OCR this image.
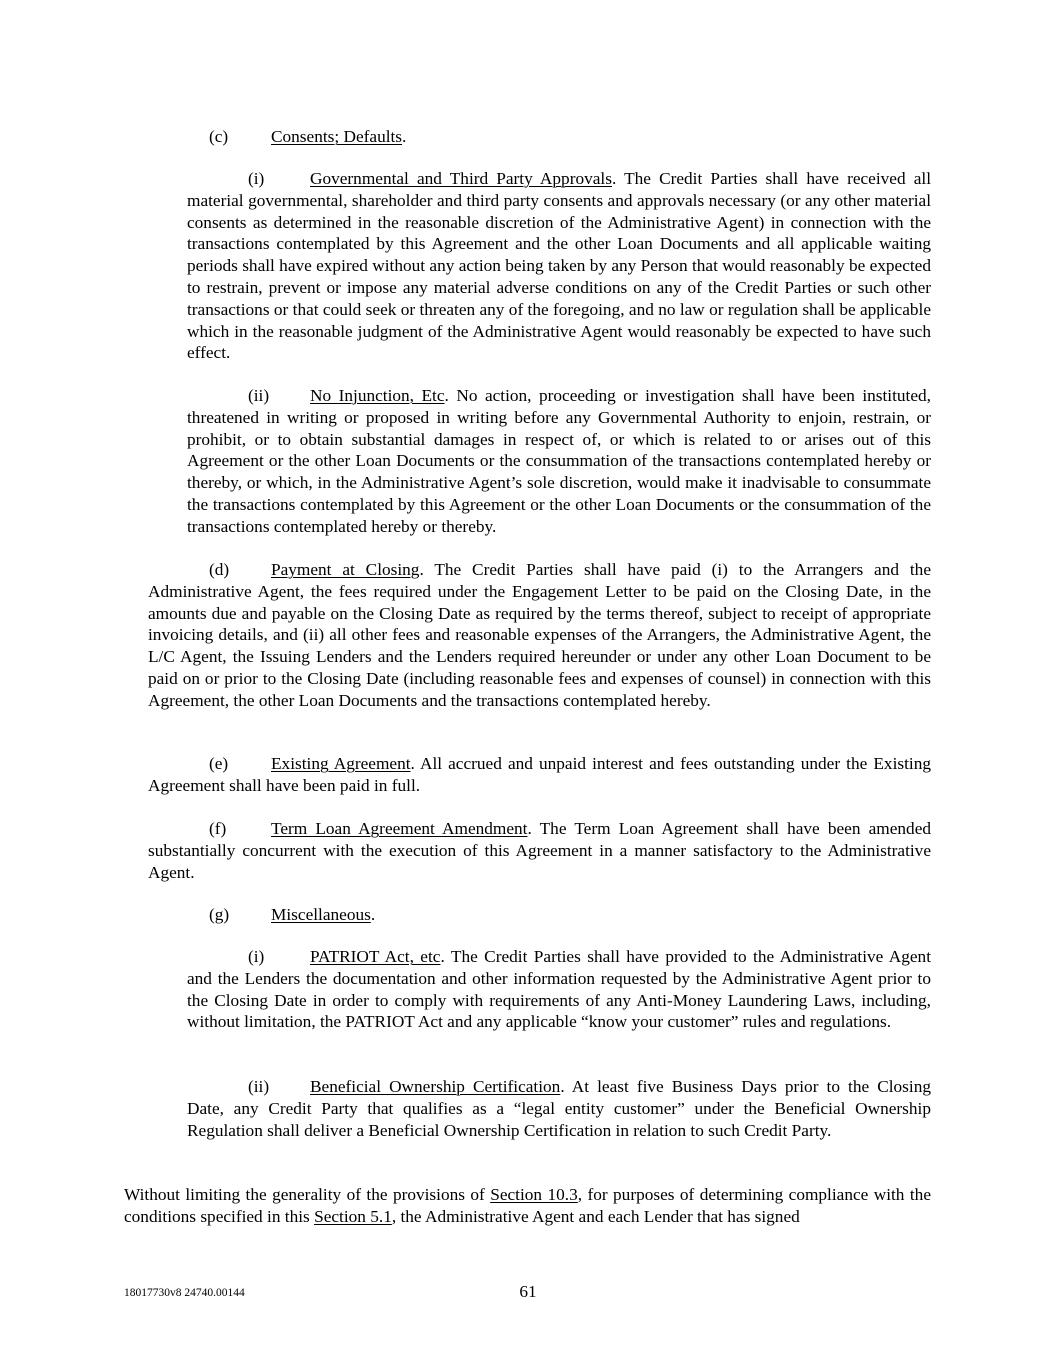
(c) Consents; Defaults.

(i)	Governmental and Third Party Approvals. The Credit Parties shall have received all material governmental, shareholder and third party consents and approvals necessary (or any other material consents as determined in the reasonable discretion of the Administrative Agent) in connection with the transactions contemplated by this Agreement and the other Loan Documents and all applicable waiting periods shall have expired without any action being taken by any Person that would reasonably be expected to restrain, prevent or impose any material adverse conditions on any of the Credit Parties or such other transactions or that could seek or threaten any of the foregoing, and no law or regulation shall be applicable which in the reasonable judgment of the Administrative Agent would reasonably be expected to have such effect.

(ii) No Injunction, Etc. No action, proceeding or investigation shall have been instituted, threatened in writing or proposed in writing before any Governmental Authority to enjoin, restrain, or prohibit, or to obtain substantial damages in respect of, or which is related to or arises out of this Agreement or the other Loan Documents or the consummation of the transactions contemplated hereby or thereby, or which, in the Administrative Agent’s sole discretion, would make it inadvisable to consummate the transactions contemplated by this Agreement or the other Loan Documents or the consummation of the transactions contemplated hereby or thereby.

(d) Payment at Closing. The Credit Parties shall have paid (i) to the Arrangers and the Administrative Agent, the fees required under the Engagement Letter to be paid on the Closing Date, in the amounts due and payable on the Closing Date as required by the terms thereof, subject to receipt of appropriate invoicing details, and (ii) all other fees and reasonable expenses of the Arrangers, the Administrative Agent, the L/C Agent, the Issuing Lenders and the Lenders required hereunder or under any other Loan Document to be paid on or prior to the Closing Date (including reasonable fees and expenses of counsel) in connection with this Agreement, the other Loan Documents and the transactions contemplated hereby.

(e) Existing Agreement. All accrued and unpaid interest and fees outstanding under the Existing Agreement shall have been paid in full.

(f)	Term Loan Agreement Amendment. The Term Loan Agreement shall have been amended substantially concurrent with the execution of this Agreement in a manner satisfactory to the Administrative Agent.

(g) Miscellaneous.

(i)	PATRIOT Act, etc. The Credit Parties shall have provided to the Administrative Agent and the Lenders the documentation and other information requested by the Administrative Agent prior to the Closing Date in order to comply with requirements of any Anti-Money Laundering Laws, including, without limitation, the PATRIOT Act and any applicable “know your customer” rules and regulations.

(ii) Beneficial Ownership Certification. At least five Business Days prior to the Closing Date, any Credit Party that qualifies as a “legal entity customer” under the Beneficial Ownership Regulation shall deliver a Beneficial Ownership Certification in relation to such Credit Party.

Without limiting the generality of the provisions of Section 10.3, for purposes of determining compliance with the conditions specified in this Section 5.1, the Administrative Agent and each Lender that has signed

18017730v8 24740.00144	61
